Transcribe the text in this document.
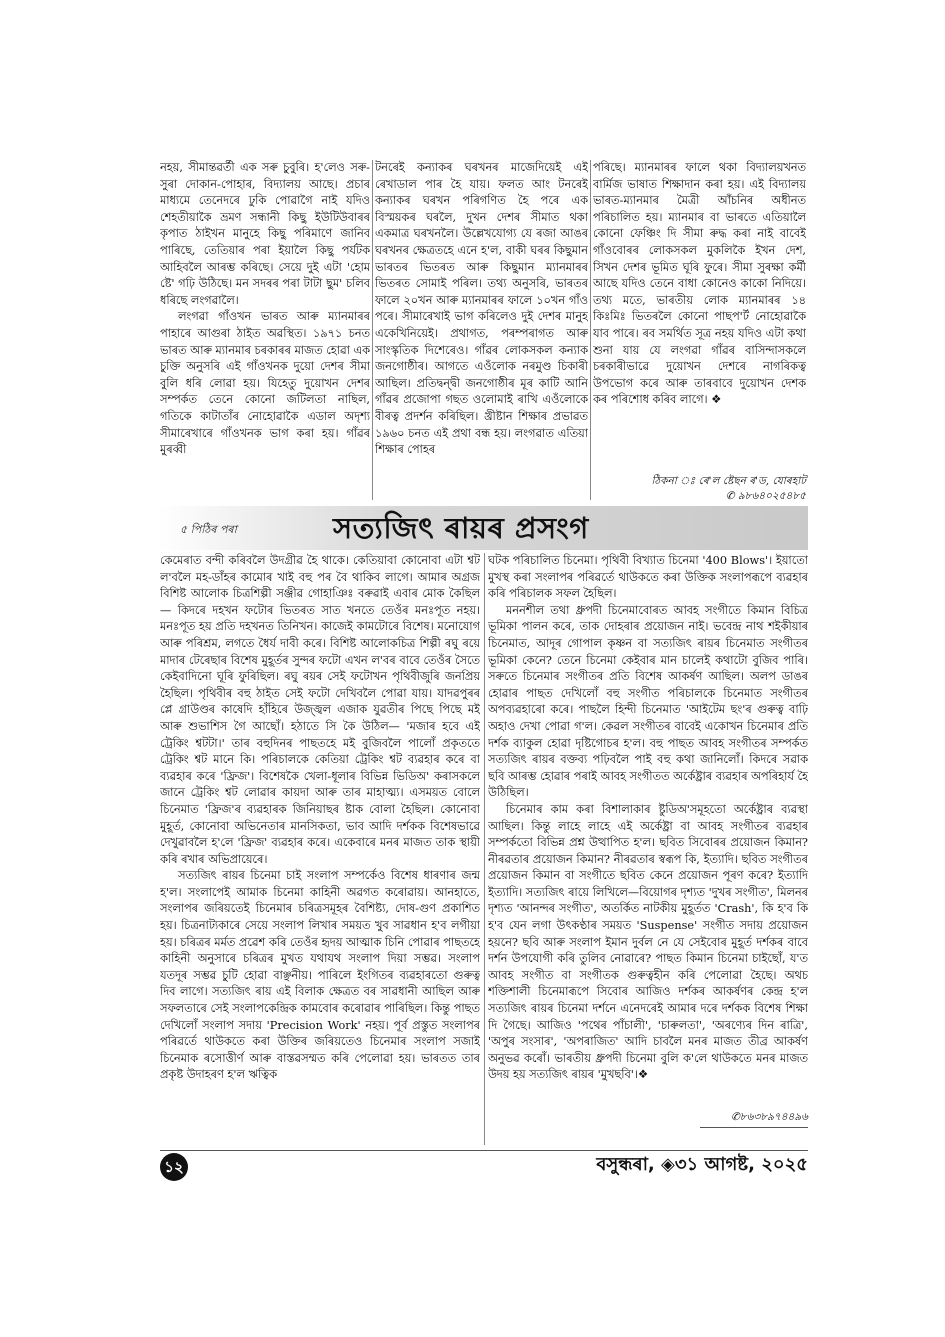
নহয়, সীমান্তৱৰ্তী এক সৰু চুবুৰি। হ'লেও সৰু-সুৰা দোকান-পোহাৰ, বিদ্যালয় আছে। প্ৰচাৰ মাধ্যমে তেনেদৰে ঢুকি পোৱাগৈ নাই যদিও শেহতীয়াকৈ ভ্ৰমণ সন্ধানী কিছু ইউটিউবাৰৰ কৃপাত ঠাইখন মানুহে কিছু পৰিমাণে জানিব পাৰিছে, তেতিয়াৰ পৰা ইয়ালৈ কিছু পৰ্যটক আহিবলৈ আৰম্ভ কৰিছে। সেয়ে দুই এটা 'হোম ষ্টে' গঢ়ি উঠিছে। মন সদৰৰ পৰা টাটা ছুম' চলিব ধৰিছে লংগৱালৈ।

লংগৱা গাঁওখন ভাৰত আৰু ম্যানমাৰৰ পাহাৰে আগুৰা ঠাইত অৱস্থিত। ১৯৭১ চনত ভাৰত আৰু ম্যানমাৰ চৰকাৰৰ মাজত হোৱা এক চুক্তি অনুসৰি এই গাঁওখনক দুয়ো দেশৰ সীমা বুলি ধৰি লোৱা হয়। যিহেতু দুয়োখন দেশৰ সম্পৰ্কত তেনে কোনো জটিলতা নাছিল, গতিকে কাটাতাঁৰ নোহোৱাকৈ এডাল অদৃশ্য সীমাৰেখাৰে গাঁওখনক ভাগ কৰা হয়। গাঁৱৰ মুৰব্বী

টনৰেই কন্যাকৰ ঘৰখনৰ মাজেদিয়েই এই ৰেখাডাল পাৰ হৈ যায়। ফলত আং টনৰেই কন্যাকৰ ঘৰখন পৰিগণিত হৈ পৰে এক বিস্ময়কৰ ঘৰলৈ, দুখন দেশৰ সীমাত থকা একমাত্ৰ ঘৰখনলৈ। উল্লেখযোগ্য যে ৰজা আঙৰ ঘৰখনৰ ক্ষেত্ৰতহে এনে হ'ল, বাকী ঘৰৰ কিছুমান ভাৰতৰ ভিতৰত আৰু কিছুমান ম্যানমাৰৰ ভিতৰত সোমাই পৰিল। তথ্য অনুসৰি, ভাৰতৰ ফালে ২০খন আৰু ম্যানমাৰৰ ফালে ১০খন গাঁও পৰে। সীমাৰেখাই ভাগ কৰিলেও দুই দেশৰ মানুহ একেখিনিয়েই। প্ৰথাগত, পৰম্পৰাগত আৰু সাংস্কৃতিক দিশেৰেও। গাঁৱৰ লোকসকল কন্যাক জনগোষ্ঠীৰ। আগতে এওঁলোক নৰমুণ্ড চিকাৰী আছিল। প্ৰতিদ্বন্দ্বী জনগোষ্ঠীৰ মূৰ কাটি আনি গাঁৱৰ প্ৰজোপা গছত ওলোমাই ৰাখি এওঁলোকে বীৰত্ব প্ৰদৰ্শন কৰিছিল। খ্ৰীষ্টান শিক্ষাৰ প্ৰভাৱত ১৯৬০ চনত এই প্ৰথা বন্ধ হয়। লংগৱাত এতিয়া শিক্ষাৰ পোহৰ

পৰিছে। ম্যানমাৰৰ ফালে থকা বিদ্যালয়খনত বাৰ্মিজ ভাষাত শিক্ষাদান কৰা হয়। এই বিদ্যালয় ভাৰত-ম্যানমাৰ মৈত্ৰী আঁচনিৰ অধীনত পৰিচালিত হয়। ম্যানমাৰ বা ভাৰতে এতিয়ালৈ কোনো ফেঞ্চিং দি সীমা ৰুদ্ধ কৰা নাই বাবেই গাঁওবোৰৰ লোকসকল মুকলিকৈ ইখন দেশ, সিখন দেশৰ ভূমিত ঘূৰি ফুৰে। সীমা সুৰক্ষা কৰ্মী আছে যদিও তেনে বাধা কোনেও কাকো নিদিয়ে। তথ্য মতে, ভাৰতীয় লোক ম্যানমাৰৰ ১৪ কিঃমিঃ ভিতৰলৈ কোনো পাছপ'ৰ্ট নোহোৱাকৈ যাব পাৰে। ৰব সমৰ্থিত সূত্ৰ নহয় যদিও এটা কথা শুনা যায় যে লংগৱা গাঁৱৰ বাসিন্দাসকলে চৰকাৰীভাৱে দুয়োখন দেশৰে নাগৰিকত্ব উপভোগ কৰে আৰু তাৰবাবে দুয়োখন দেশক কৰ পৰিশোধ কৰিব লাগে। ❖

ঠিকনা ঃ ৰে'ল ষ্টেছন ৰ'ড, যোৰহাট
✆ ৯৮৬৪০২৫৪৮৫
৫ পিঠিৰ পৰা	সত্যজিৎ ৰায়ৰ প্ৰসংগ

কেমেৰাত বন্দী কৰিবলৈ উদগ্ৰীৱ হৈ থাকে। কেতিয়াবা কোনোবা এটা শ্বট ল'বলৈ মহ-ডাঁহৰ কামোৰ খাই বহু পৰ বৈ থাকিব লাগে। আমাৰ অগ্ৰজ বিশিষ্ট আলোক চিত্ৰশিল্পী সঞ্জীৱ গোহাঞিঃ বৰুৱাই এবাৰ মোক কৈছিল— কিদৰে দহখন ফটোৰ ভিতৰত সাত খনতে তেওঁৰ মনঃপূত নহয়। মনঃপূত হয় প্ৰতি দহখনত তিনিখন। কাজেই কামটোৰে বিশেষ। মনোযোগ আৰু পৰিশ্ৰম, লগতে ধৈৰ্য দাবী কৰে। বিশিষ্ট আলোকচিত্ৰ শিল্পী ৰঘু ৰয়ে মাদাৰ টেৰেছাৰ বিশেষ মুহূৰ্তৰ সুন্দৰ ফটো এখন ল'বৰ বাবে তেওঁৰ সৈতে কেইবাদিনো ঘূৰি ফুৰিছিল। ৰঘু ৰয়ৰ সেই ফটোখন পৃথিবীজুৰি জনপ্ৰিয় হৈছিল। পৃথিবীৰ বহু ঠাইত সেই ফটো দেখিবলৈ পোৱা যায়। যাদৱপুৰৰ প্লে গ্ৰাউণ্ডৰ কাষেদি হাঁহিৰে উজ্জ্বল এজাক যুৱতীৰ পিছে পিছে মই আৰু শুভাশিস গৈ আছোঁ। হঠাতে সি কৈ উঠিল— 'মজাৰ হবে এই ট্ৰেকিং শ্বটটা।' তাৰ বহুদিনৰ পাছতহে মই বুজিবলৈ পালোঁ প্ৰকৃততে ট্ৰেকিং শ্বট মানে কি। পৰিচালকে কেতিয়া ট্ৰেকিং শ্বট ব্যৱহাৰ কৰে বা ব্যৱহাৰ কৰে 'ফ্ৰিজ'। বিশেষকৈ খেলা-ধূলাৰ বিভিন্ন ভিডিঅ' কৰাসকলে জানে ট্ৰেকিং শ্বট লোৱাৰ কায়দা আৰু তাৰ মাহাত্ম্য। এসময়ত বোলে চিনেমাত 'ফ্ৰিজ'ৰ ব্যৱহাৰক জিনিয়াছৰ ষ্টাক বোলা হৈছিল। কোনোবা মুহূৰ্ত, কোনোবা অভিনেতাৰ মানসিকতা, ভাব আদি দৰ্শকক বিশেষভাৱে দেখুৱাবলৈ হ'লে 'ফ্ৰিজ' ব্যৱহাৰ কৰে। একেবাৰে মনৰ মাজত তাক স্থায়ী কৰি ৰখাৰ অভিপ্ৰায়েৰে।

সত্যজিৎ ৰায়ৰ চিনেমা চাই সংলাপ সম্পৰ্কেও বিশেষ ধাৰণাৰ জন্ম হ'ল। সংলাপেই আমাক চিনেমা কাহিনী অৱগত কৰোৱায়। আনহাতে, সংলাপৰ জৰিয়তেই চিনেমাৰ চৰিত্ৰসমূহৰ বৈশিষ্ট্য, দোষ-গুণ প্ৰকাশিত হয়। চিত্ৰনাট্যকাৰে সেয়ে সংলাপ লিখাৰ সময়ত খুব সাৱধান হ'ব লগীয়া হয়। চৰিত্ৰৰ মৰ্মত প্ৰৱেশ কৰি তেওঁৰ হৃদয় আত্মাক চিনি পোৱাৰ পাছতহে কাহিনী অনুসাৰে চৰিত্ৰৰ মুখত যথাযথ সংলাপ দিয়া সম্ভৱ। সংলাপ যতদূৰ সম্ভৱ চুটি হোৱা বাঞ্ছনীয়। পাৰিলে ইংগিতৰ ব্যৱহাৰতো গুৰুত্ব দিব লাগে। সত্যজিৎ ৰায় এই বিলাক ক্ষেত্ৰত বৰ সাৱধানী আছিল আৰু সফলতাৰে সেই সংলাপকেন্দ্ৰিক কামবোৰ কৰোৱাৰ পাৰিছিল। কিন্তু পাছত দেখিলোঁ সংলাপ সদায় 'Precision Work' নহয়। পূৰ্ব প্ৰস্তুত সংলাপৰ পৰিৱৰ্তে থাউকতে কৰা উক্তিৰ জৰিয়তেও চিনেমাৰ সংলাপ সজাই চিনেমাক ৰসোত্তীৰ্ণ আৰু বাস্তৱসম্মত কৰি পেলোৱা হয়। ভাৰতত তাৰ প্ৰকৃষ্ট উদাহৰণ হ'ল ঋত্বিক

ঘটক পৰিচালিত চিনেমা। পৃথিবী বিখ্যাত চিনেমা '400 Blows'। ইয়াতো মুখস্থ কৰা সংলাপৰ পৰিৱৰ্তে থাউকতে কৰা উক্তিক সংলাপৰূপে ব্যৱহাৰ কৰি পৰিচালক সফল হৈছিল।

মননশীল তথা ধ্ৰুপদী চিনেমাবোৰত আবহ সংগীতে কিমান বিচিত্ৰ ভূমিকা পালন কৰে, তাক দোহৰাৰ প্ৰয়োজন নাই। ভবেন্দ্ৰ নাথ শইকীয়াৰ চিনেমাত, আদূৰ গোপাল কৃষ্ণন বা সত্যজিৎ ৰায়ৰ চিনেমাত সংগীতৰ ভূমিকা কেনে? তেনে চিনেমা কেইবাৰ মান চালেই কথাটো বুজিব পাৰি। সৰুতে চিনেমাৰ সংগীতৰ প্ৰতি বিশেষ আকৰ্ষণ আছিল। অলপ ডাঙৰ হোৱাৰ পাছত দেখিলোঁ বহু সংগীত পৰিচালকে চিনেমাত সংগীতৰ অপব্যৱহাৰো কৰে। পাছলৈ হিন্দী চিনেমাত 'আইটেম ছং'ৰ গুৰুত্ব বাঢ়ি অহাও দেখা পোৱা গ'ল। কেৱল সংগীতৰ বাবেই একোখন চিনেমাৰ প্ৰতি দৰ্শক ব্যাকুল হোৱা দৃষ্টিগোচৰ হ'ল। বহু পাছত আবহ সংগীতৰ সম্পৰ্কত সত্যজিৎ ৰায়ৰ বক্তব্য পঢ়িবলৈ পাই বহু কথা জানিলোঁ। কিদৰে সৱাক ছবি আৰম্ভ হোৱাৰ পৰাই আবহ সংগীতত অৰ্কেষ্ট্ৰাৰ ব্যৱহাৰ অপৰিহাৰ্য হৈ উঠিছিল।

চিনেমাৰ কাম কৰা বিশালাকাৰ ষ্টুডিঅ'সমূহতো অৰ্কেষ্ট্ৰাৰ ব্যৱস্থা আছিল। কিন্তু লাহে লাহে এই অৰ্কেষ্ট্ৰা বা আবহ সংগীতৰ ব্যৱহাৰ সম্পৰ্কতো বিভিন্ন প্ৰশ্ন উত্থাপিত হ'ল। ছবিত সিবোৰৰ প্ৰয়োজন কিমান? নীৰৱতাৰ প্ৰয়োজন কিমান? নীৰৱতাৰ স্বৰূপ কি, ইত্যাদি। ছবিত সংগীতৰ প্ৰয়োজন কিমান বা সংগীতে ছবিত কেনে প্ৰয়োজন পূৰণ কৰে? ইত্যাদি ইত্যাদি। সত্যজিৎ ৰায়ে লিখিলে—বিয়োগৰ দৃশ্যত 'দুখৰ সংগীত', মিলনৰ দৃশ্যত 'আনন্দৰ সংগীত', অতৰ্কিত নাটকীয় মুহূৰ্তত 'Crash', কি হ'ব কি হ'ব যেন লগা উৎকণ্ঠাৰ সময়ত 'Suspense' সংগীত সদায় প্ৰয়োজন হয়নে? ছবি আৰু সংলাপ ইমান দুৰ্বল নে যে সেইবোৰ মুহূৰ্ত দৰ্শকৰ বাবে দৰ্শন উপযোগী কৰি তুলিব নোৱাৰে? পাছত কিমান চিনেমা চাইছোঁ, য'ত আবহ সংগীত বা সংগীতক গুৰুত্বহীন কৰি পেলোৱা হৈছে। অথচ শক্তিশালী চিনেমাৰূপে সিবোৰ আজিও দৰ্শকৰ আকৰ্ষণৰ কেন্দ্ৰ হ'ল সত্যজিৎ ৰায়ৰ চিনেমা দৰ্শনে এনেদৰেই আমাৰ দৰে দৰ্শকক বিশেষ শিক্ষা দি গৈছে। আজিও 'পথেৰ পাঁচালী', 'চাৰুলতা', 'অৰণ্যেৰ দিন ৰাত্ৰি', 'অপুৰ সংসাৰ', 'অপৰাজিত' আদি চাবলৈ মনৰ মাজত তীব্ৰ আকৰ্ষণ অনুভৱ কৰোঁ। ভাৰতীয় ধ্ৰুপদী চিনেমা বুলি ক'লে থাউকতে মনৰ মাজত উদয় হয় সত্যজিৎ ৰায়ৰ 'মুখছবি'।❖

✆৮৬৩৮৯৭৪৪৯৬
১২	বসুন্ধৰা, ◈৩১ আগষ্ট, ২০২৫
